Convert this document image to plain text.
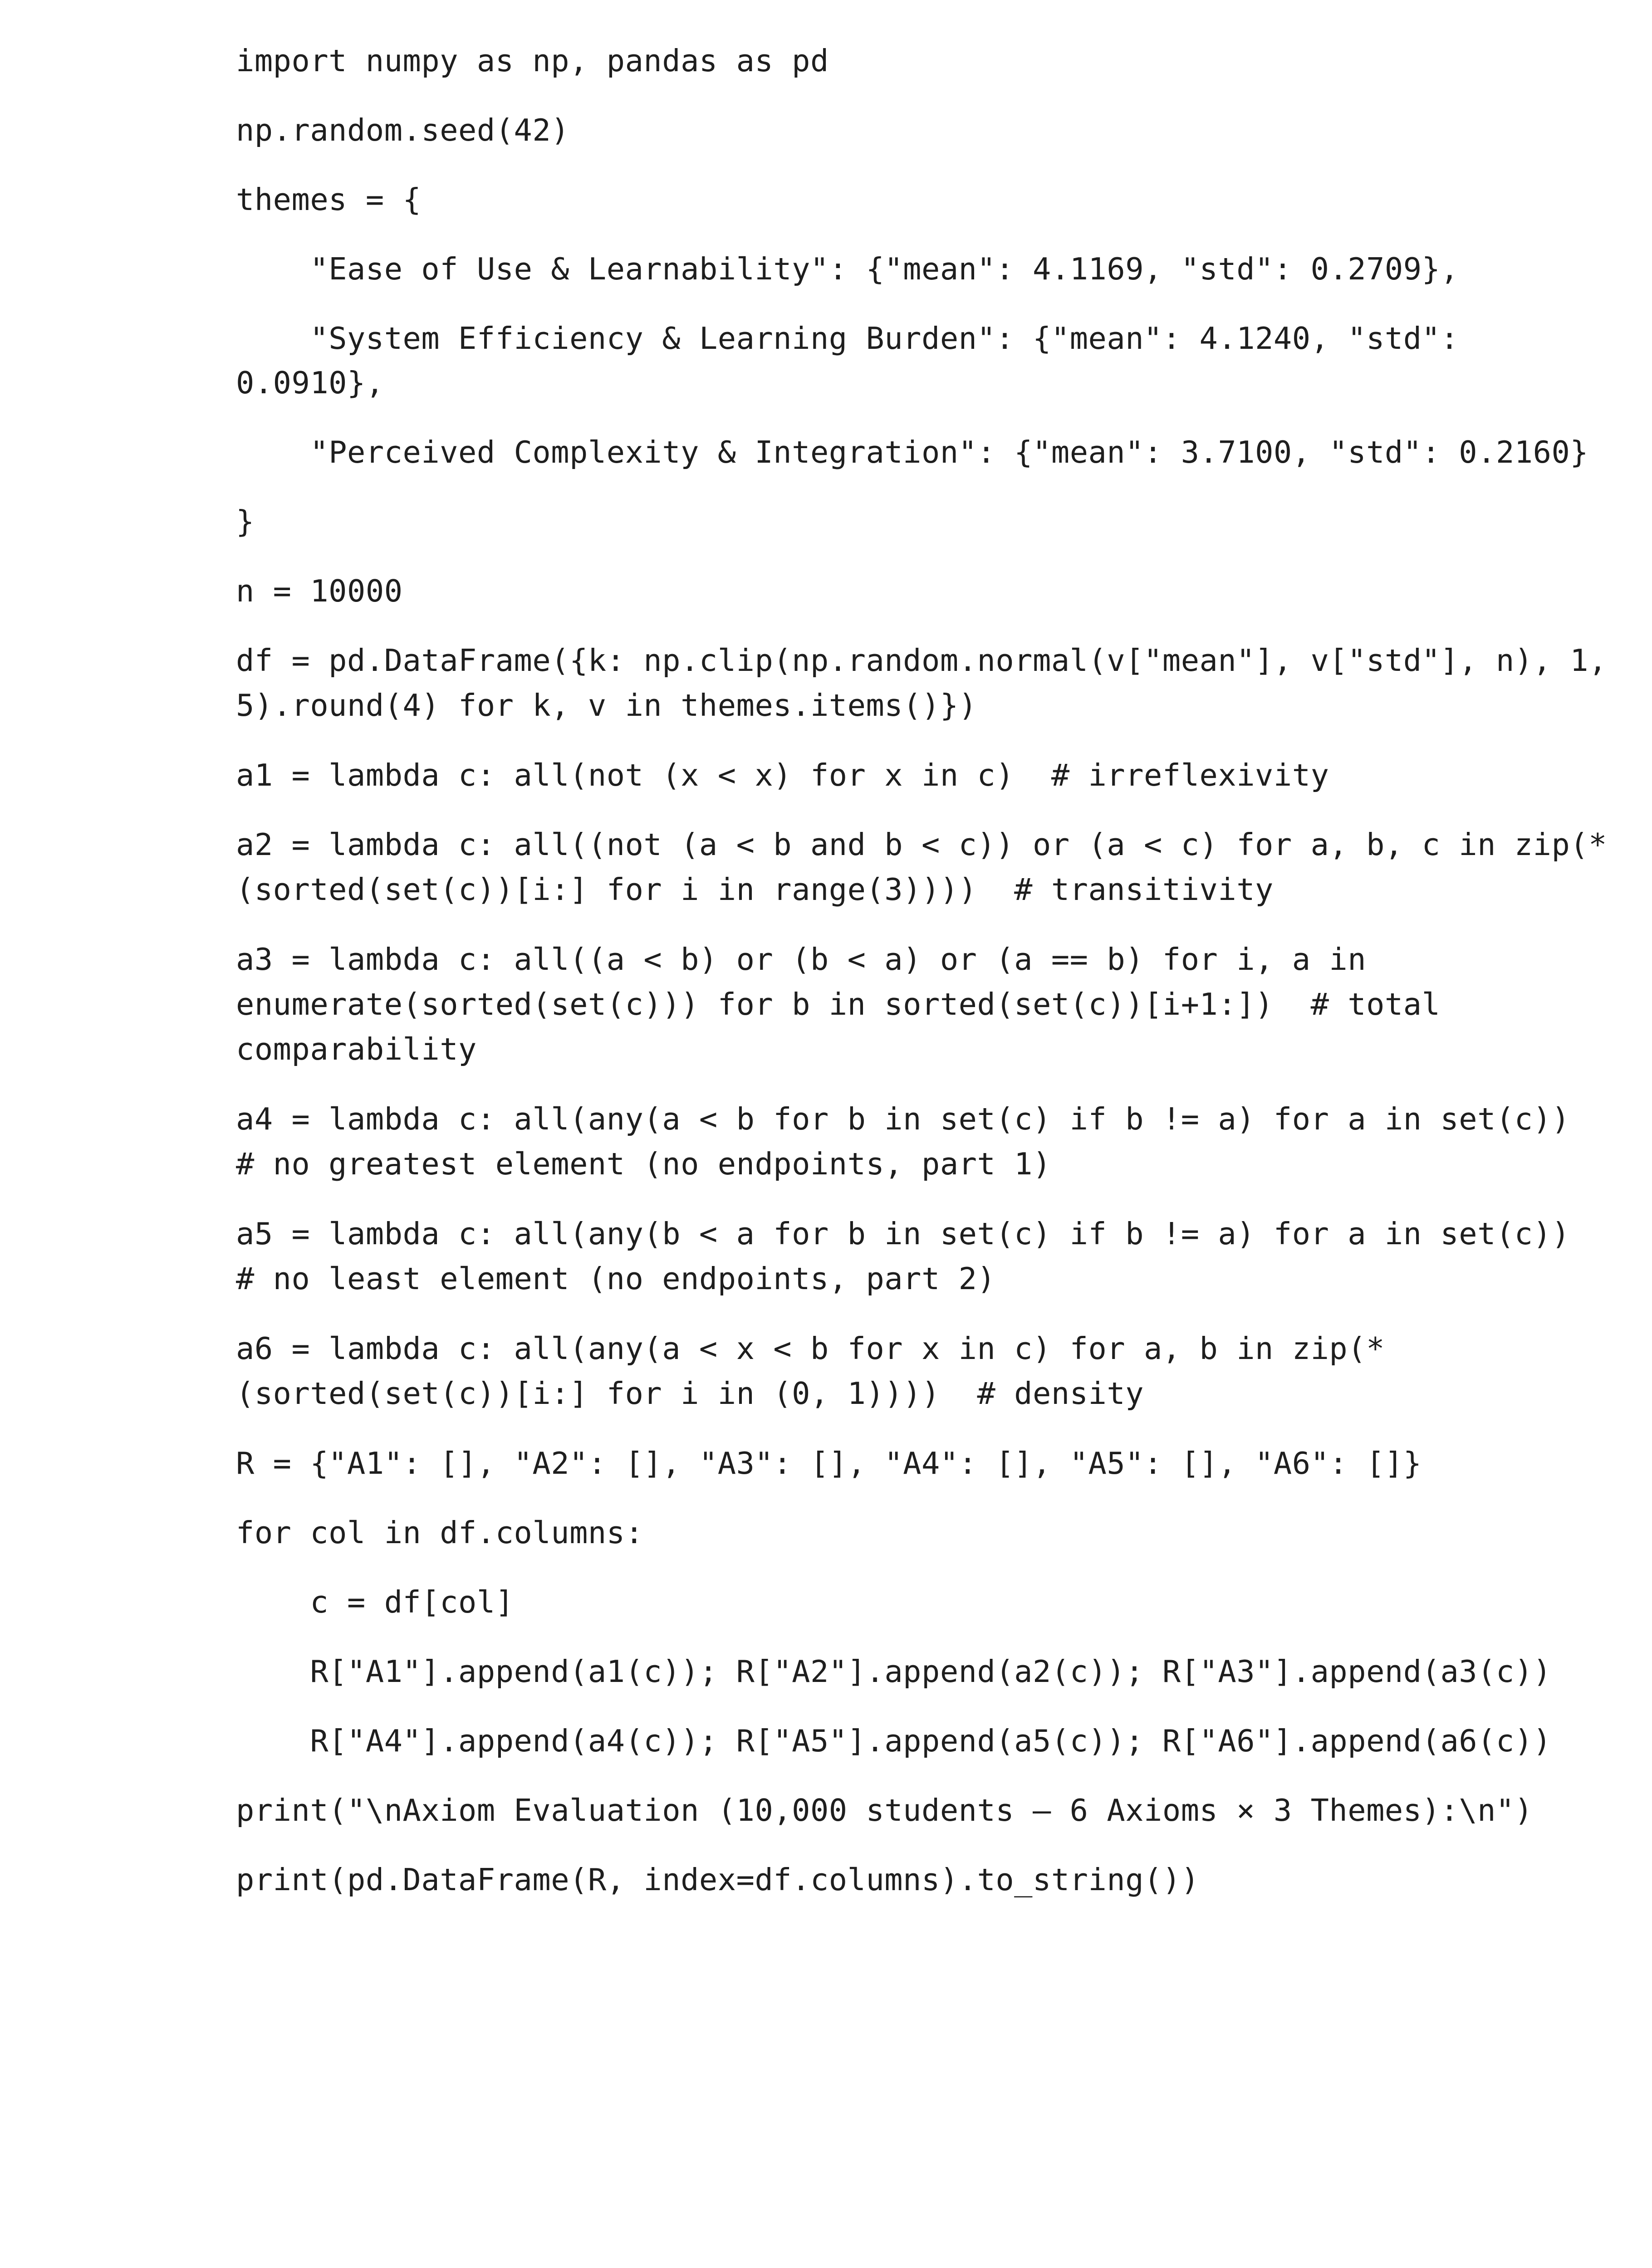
import numpy as np, pandas as pd

np.random.seed(42)

themes = {

"Ease of Use & Learnability": {"mean": 4.1169, "std": 0.2709},

"System Efficiency & Learning Burden": {"mean": 4.1240, "std": 0.0910},

"Perceived Complexity & Integration": {"mean": 3.7100, "std": 0.2160}

}

n = 10000

df = pd.DataFrame({k: np.clip(np.random.normal(v["mean"], v["std"], n), 1, 5).round(4) for k, v in themes.items()})

a1 = lambda c: all(not (x < x) for x in c)  # irreflexivity

a2 = lambda c: all((not (a < b and b < c)) or (a < c) for a, b, c in zip(*(sorted(set(c))[i:] for i in range(3))))  # transitivity

a3 = lambda c: all((a < b) or (b < a) or (a == b) for i, a in enumerate(sorted(set(c))) for b in sorted(set(c))[i+1:])  # total comparability

a4 = lambda c: all(any(a < b for b in set(c) if b != a) for a in set(c))  # no greatest element (no endpoints, part 1)

a5 = lambda c: all(any(b < a for b in set(c) if b != a) for a in set(c))  # no least element (no endpoints, part 2)

a6 = lambda c: all(any(a < x < b for x in c) for a, b in zip(*(sorted(set(c))[i:] for i in (0, 1))))  # density

R = {"A1": [], "A2": [], "A3": [], "A4": [], "A5": [], "A6": []}

for col in df.columns:

c = df[col]

R["A1"].append(a1(c)); R["A2"].append(a2(c)); R["A3"].append(a3(c))

R["A4"].append(a4(c)); R["A5"].append(a5(c)); R["A6"].append(a6(c))

print("\nAxiom Evaluation (10,000 students – 6 Axioms × 3 Themes):\n")

print(pd.DataFrame(R, index=df.columns).to_string())
